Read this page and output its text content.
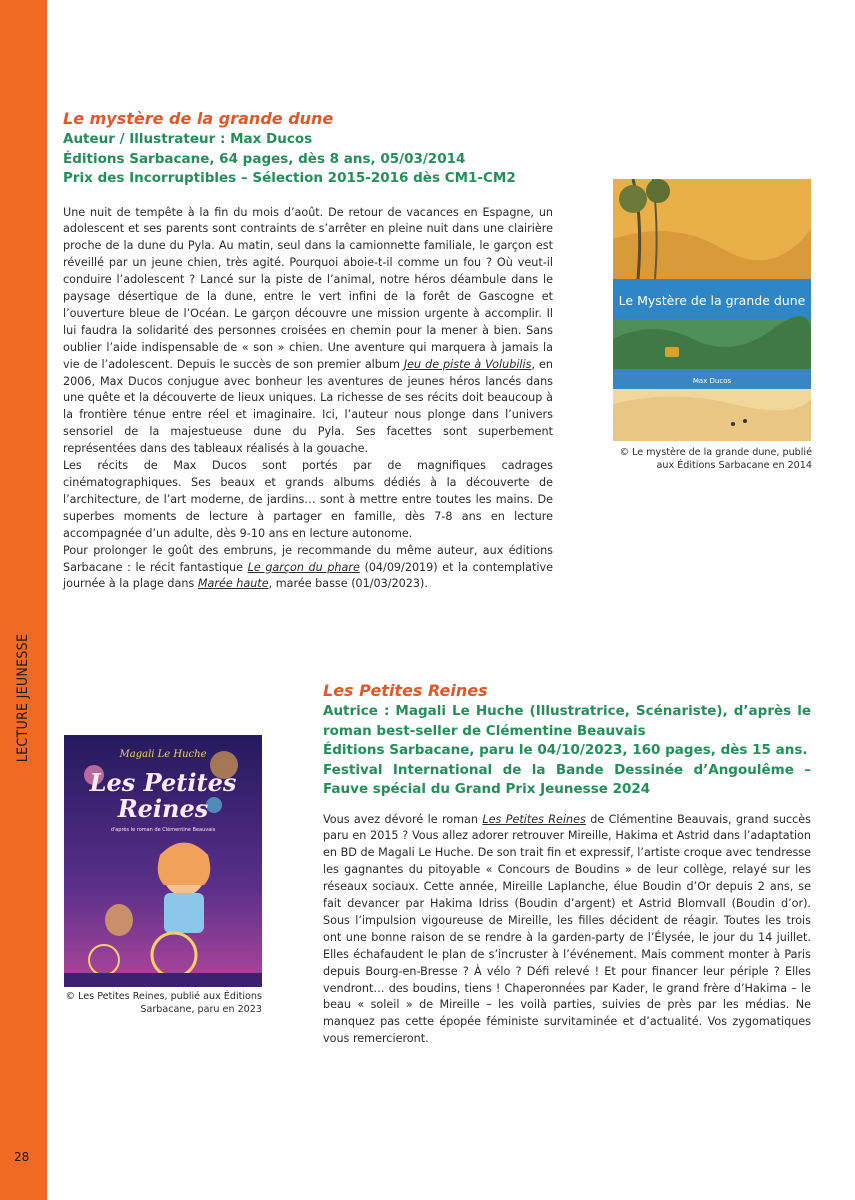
LECTURE JEUNESSE
28
Le mystère de la grande dune
Auteur / Illustrateur : Max Ducos
Éditions Sarbacane, 64 pages, dès 8 ans, 05/03/2014
Prix des Incorruptibles – Sélection 2015-2016 dès CM1-CM2

Une nuit de tempête à la fin du mois d’août. De retour de vacances en Espagne, un adolescent et ses parents sont contraints de s’arrêter en pleine nuit dans une clairière proche de la dune du Pyla. Au matin, seul dans la camionnette familiale, le garçon est réveillé par un jeune chien, très agité. Pourquoi aboie-t-il comme un fou ? Où veut-il conduire l’adolescent ? Lancé sur la piste de l’animal, notre héros déambule dans le paysage désertique de la dune, entre le vert infini de la forêt de Gascogne et l’ouverture bleue de l’Océan. Le garçon découvre une mission urgente à accomplir. Il lui faudra la solidarité des personnes croisées en chemin pour la mener à bien. Sans oublier l’aide indispensable de « son » chien. Une aventure qui marquera à jamais la vie de l’adolescent. Depuis le succès de son premier album Jeu de piste à Volubilis, en 2006, Max Ducos conjugue avec bonheur les aventures de jeunes héros lancés dans une quête et la découverte de lieux uniques. La richesse de ses récits doit beaucoup à la frontière ténue entre réel et imaginaire. Ici, l’auteur nous plonge dans l’univers sensoriel de la majestueuse dune du Pyla. Ses facettes sont superbement représentées dans des tableaux réalisés à la gouache.

Les récits de Max Ducos sont portés par de magnifiques cadrages cinématographiques. Ses beaux et grands albums dédiés à la découverte de l’architecture, de l’art moderne, de jardins… sont à mettre entre toutes les mains. De superbes moments de lecture à partager en famille, dès 7-8 ans en lecture accompagnée d’un adulte, dès 9-10 ans en lecture autonome.

Pour prolonger le goût des embruns, je recommande du même auteur, aux éditions Sarbacane : le récit fantastique Le garçon du phare (04/09/2019) et la contemplative journée à la plage dans Marée haute, marée basse (01/03/2023).

Le Mystère de la grande dune
Max Ducos
© Le mystère de la grande dune, publié aux Éditions Sarbacane en 2014
Les Petites Reines

Autrice : Magali Le Huche (Illustratrice, Scénariste), d’après le roman best-seller de Clémentine Beauvais

Éditions Sarbacane, paru le 04/10/2023, 160 pages, dès 15 ans.

Festival International de la Bande Dessinée d’Angoulême – Fauve spécial du Grand Prix Jeunesse 2024

Vous avez dévoré le roman Les Petites Reines de Clémentine Beauvais, grand succès paru en 2015 ? Vous allez adorer retrouver Mireille, Hakima et Astrid dans l’adaptation en BD de Magali Le Huche. De son trait fin et expressif, l’artiste croque avec tendresse les gagnantes du pitoyable « Concours de Boudins » de leur collège, relayé sur les réseaux sociaux. Cette année, Mireille Laplanche, élue Boudin d’Or depuis 2 ans, se fait devancer par Hakima Idriss (Boudin d’argent) et Astrid Blomvall (Boudin d’or). Sous l’impulsion vigoureuse de Mireille, les filles décident de réagir. Toutes les trois ont une bonne raison de se rendre à la garden-party de l’Élysée, le jour du 14 juillet. Elles échafaudent le plan de s’incruster à l’événement. Mais comment monter à Paris depuis Bourg-en-Bresse ? À vélo ? Défi relevé ! Et pour financer leur périple ? Elles vendront… des boudins, tiens ! Chaperonnées par Kader, le grand frère d’Hakima – le beau « soleil » de Mireille – les voilà parties, suivies de près par les médias. Ne manquez pas cette épopée féministe survitaminée et d’actualité. Vos zygomatiques vous remercieront.

Magali Le Huche
Les Petites
Reines
d'après le roman de Clémentine Beauvais
© Les Petites Reines, publié aux Éditions Sarbacane, paru en 2023
